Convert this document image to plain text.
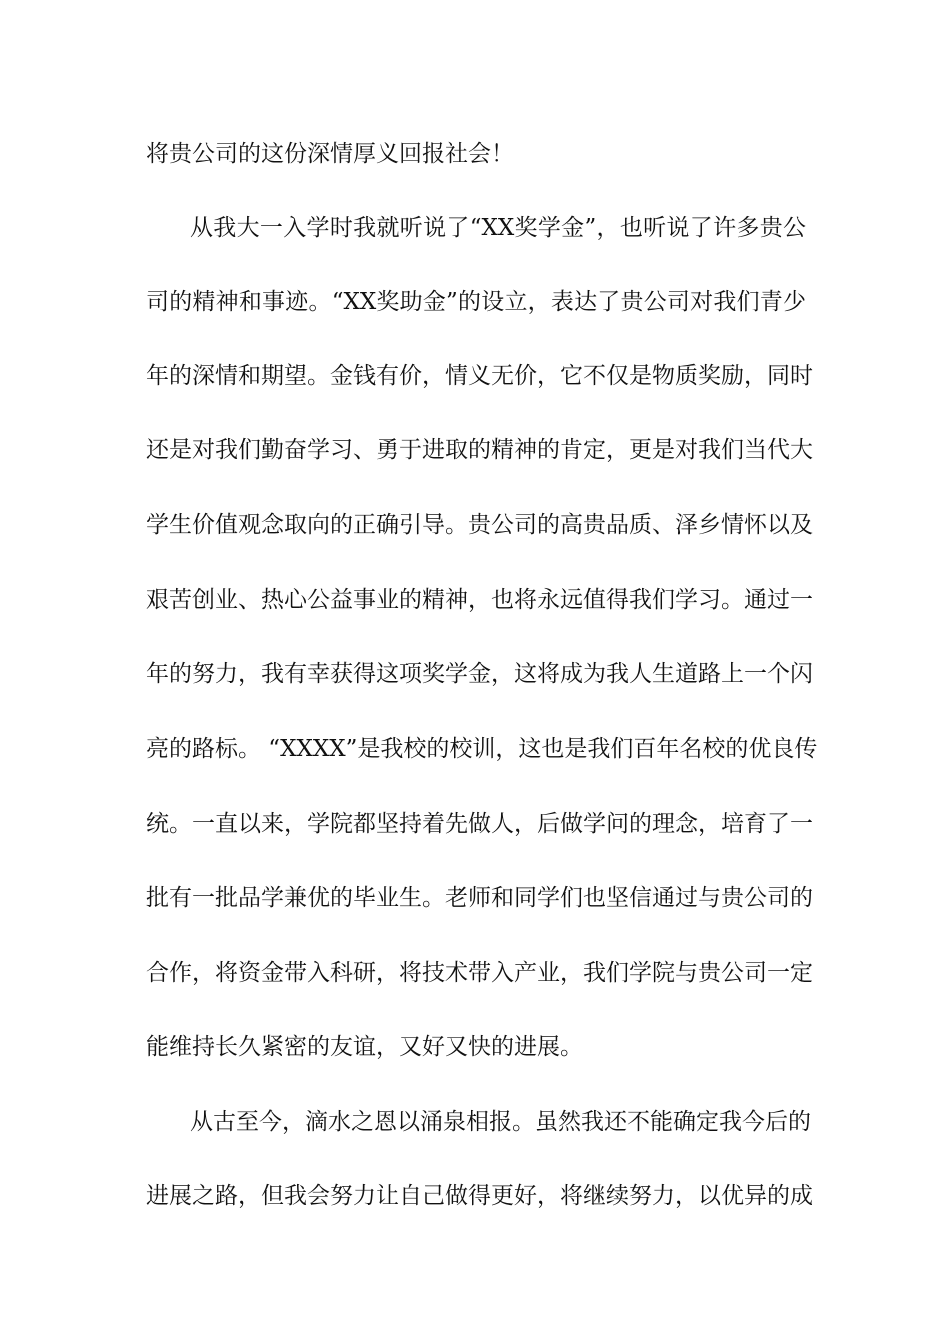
将贵公司的这份深情厚义回报社会！
从我大一入学时我就听说了“XX奖学金”，也听说了许多贵公
司的精神和事迹。“XX奖助金”的设立，表达了贵公司对我们青少
年的深情和期望。金钱有价，情义无价，它不仅是物质奖励，同时
还是对我们勤奋学习、勇于进取的精神的肯定，更是对我们当代大
学生价值观念取向的正确引导。贵公司的高贵品质、泽乡情怀以及
艰苦创业、热心公益事业的精神，也将永远值得我们学习。通过一
年的努力，我有幸获得这项奖学金，这将成为我人生道路上一个闪
亮的路标。 “XXXX”是我校的校训，这也是我们百年名校的优良传
统。一直以来，学院都坚持着先做人，后做学问的理念，培育了一
批有一批品学兼优的毕业生。老师和同学们也坚信通过与贵公司的
合作，将资金带入科研，将技术带入产业，我们学院与贵公司一定
能维持长久紧密的友谊，又好又快的进展。
从古至今，滴水之恩以涌泉相报。虽然我还不能确定我今后的
进展之路，但我会努力让自己做得更好，将继续努力，以优异的成
